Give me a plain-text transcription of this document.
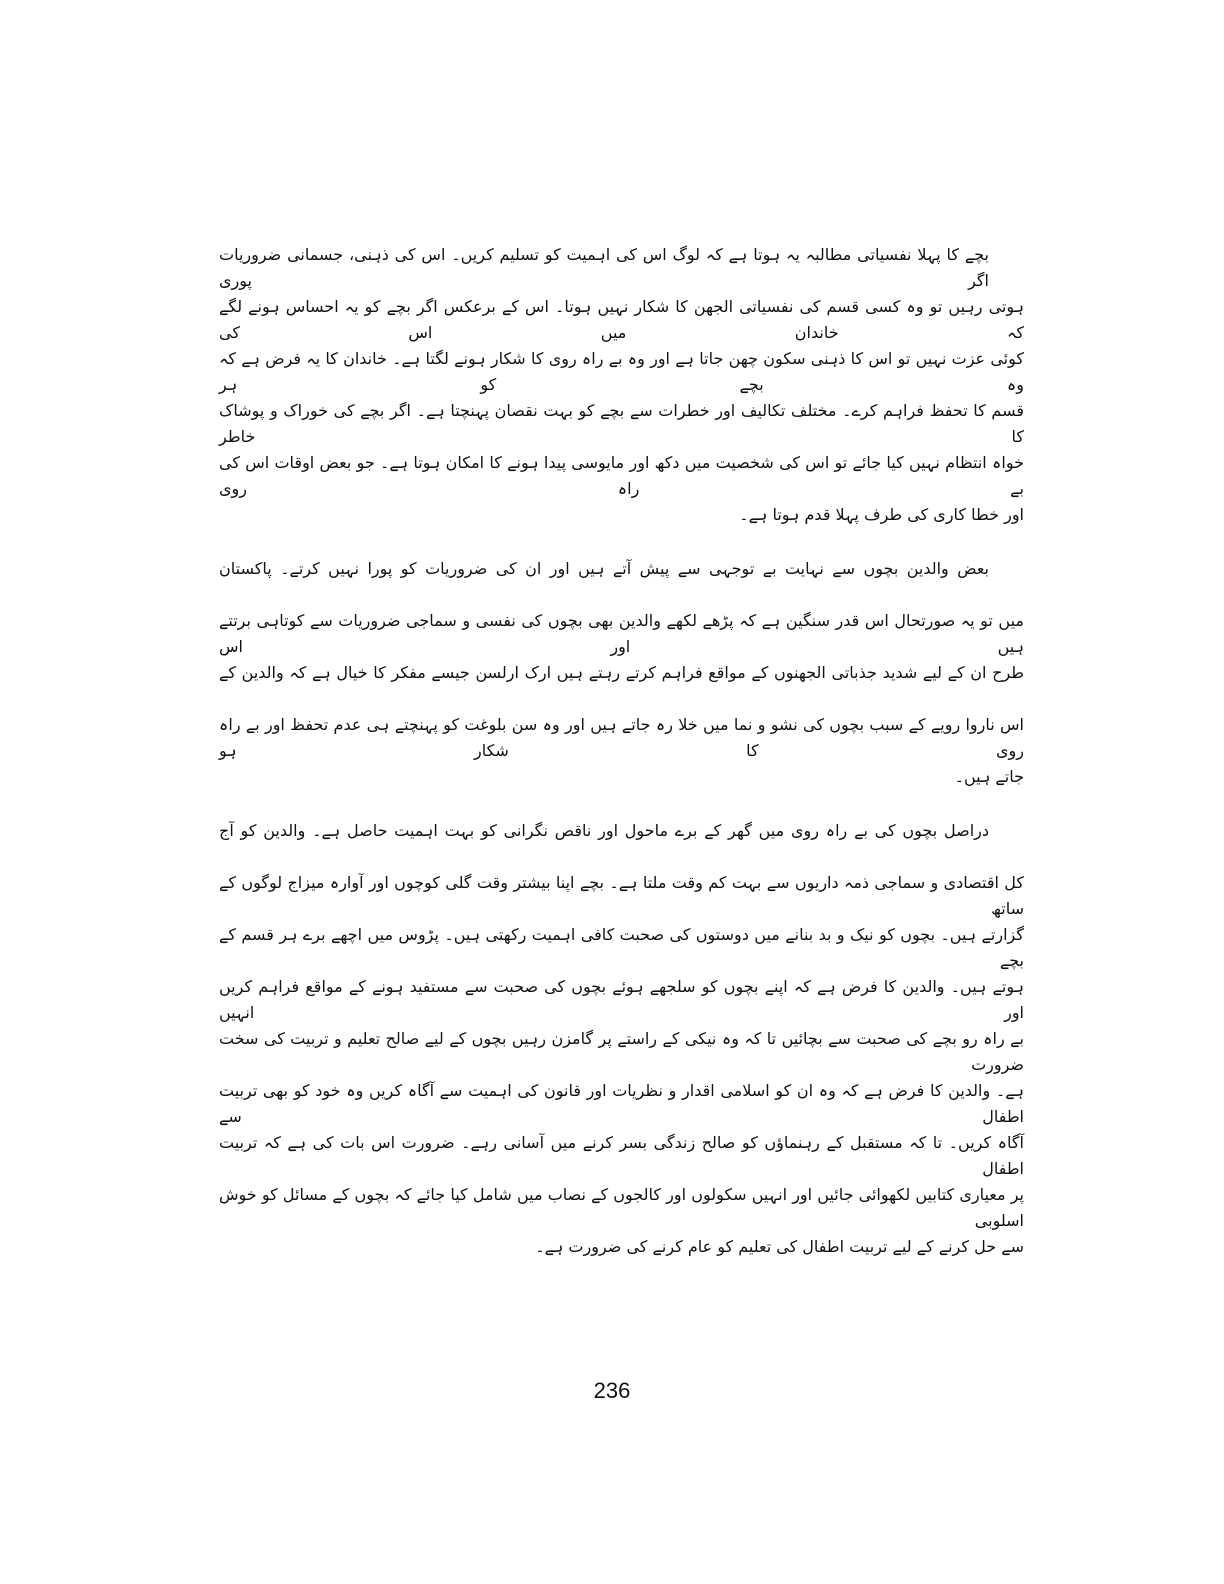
بچے کا پہلا نفسیاتی مطالبہ یہ ہوتا ہے کہ لوگ اس کی اہمیت کو تسلیم کریں۔ اس کی ذہنی، جسمانی ضروریات اگر پوری
ہوتی رہیں تو وہ کسی قسم کی نفسیاتی الجھن کا شکار نہیں ہوتا۔ اس کے برعکس اگر بچے کو یہ احساس ہونے لگے کہ خاندان میں اس کی
کوئی عزت نہیں تو اس کا ذہنی سکون چھن جاتا ہے اور وہ بے راہ روی کا شکار ہونے لگتا ہے۔ خاندان کا یہ فرض ہے کہ وہ بچے کو ہر
قسم کا تحفظ فراہم کرے۔ مختلف تکالیف اور خطرات سے بچے کو بہت نقصان پہنچتا ہے۔ اگر بچے کی خوراک و پوشاک کا خاطر
خواہ انتظام نہیں کیا جائے تو اس کی شخصیت میں دکھ اور مایوسی پیدا ہونے کا امکان ہوتا ہے۔ جو بعض اوقات اس کی بے راہ روی
اور خطا کاری کی طرف پہلا قدم ہوتا ہے۔
بعض والدین بچوں سے نہایت بے توجہی سے پیش آتے ہیں اور ان کی ضروریات کو پورا نہیں کرتے۔ پاکستان
میں تو یہ صورتحال اس قدر سنگین ہے کہ پڑھے لکھے والدین بھی بچوں کی نفسی و سماجی ضروریات سے کوتاہی برتتے ہیں اور اس
طرح ان کے لیے شدید جذباتی الجھنوں کے مواقع فراہم کرتے رہتے ہیں ارک ارلسن جیسے مفکر کا خیال ہے کہ والدین کے
اس ناروا رویے کے سبب بچوں کی نشو و نما میں خلا رہ جاتے ہیں اور وہ سن بلوغت کو پہنچتے ہی عدم تحفظ اور بے راہ روی کا شکار ہو
جاتے ہیں۔
دراصل بچوں کی بے راہ روی میں گھر کے برے ماحول اور ناقص نگرانی کو بہت اہمیت حاصل ہے۔ والدین کو آج
کل اقتصادی و سماجی ذمہ داریوں سے بہت کم وقت ملتا ہے۔ بچے اپنا بیشتر وقت گلی کوچوں اور آوارہ میزاج لوگوں کے ساتھ
گزارتے ہیں۔ بچوں کو نیک و بد بنانے میں دوستوں کی صحبت کافی اہمیت رکھتی ہیں۔ پڑوس میں اچھے برے ہر قسم کے بچے
ہوتے ہیں۔ والدین کا فرض ہے کہ اپنے بچوں کو سلجھے ہوئے بچوں کی صحبت سے مستفید ہونے کے مواقع فراہم کریں اور انہیں
بے راہ رو بچے کی صحبت سے بچائیں تا کہ وہ نیکی کے راستے پر گامزن رہیں بچوں کے لیے صالح تعلیم و تربیت کی سخت ضرورت
ہے۔ والدین کا فرض ہے کہ وہ ان کو اسلامی اقدار و نظریات اور قانون کی اہمیت سے آگاہ کریں وہ خود کو بھی تربیت اطفال سے
آگاہ کریں۔ تا کہ مستقبل کے رہنماؤں کو صالح زندگی بسر کرنے میں آسانی رہے۔ ضرورت اس بات کی ہے کہ تربیت اطفال
پر معیاری کتابیں لکھوائی جائیں اور انہیں سکولوں اور کالجوں کے نصاب میں شامل کیا جائے کہ بچوں کے مسائل کو خوش اسلوبی
سے حل کرنے کے لیے تربیت اطفال کی تعلیم کو عام کرنے کی ضرورت ہے۔
236
